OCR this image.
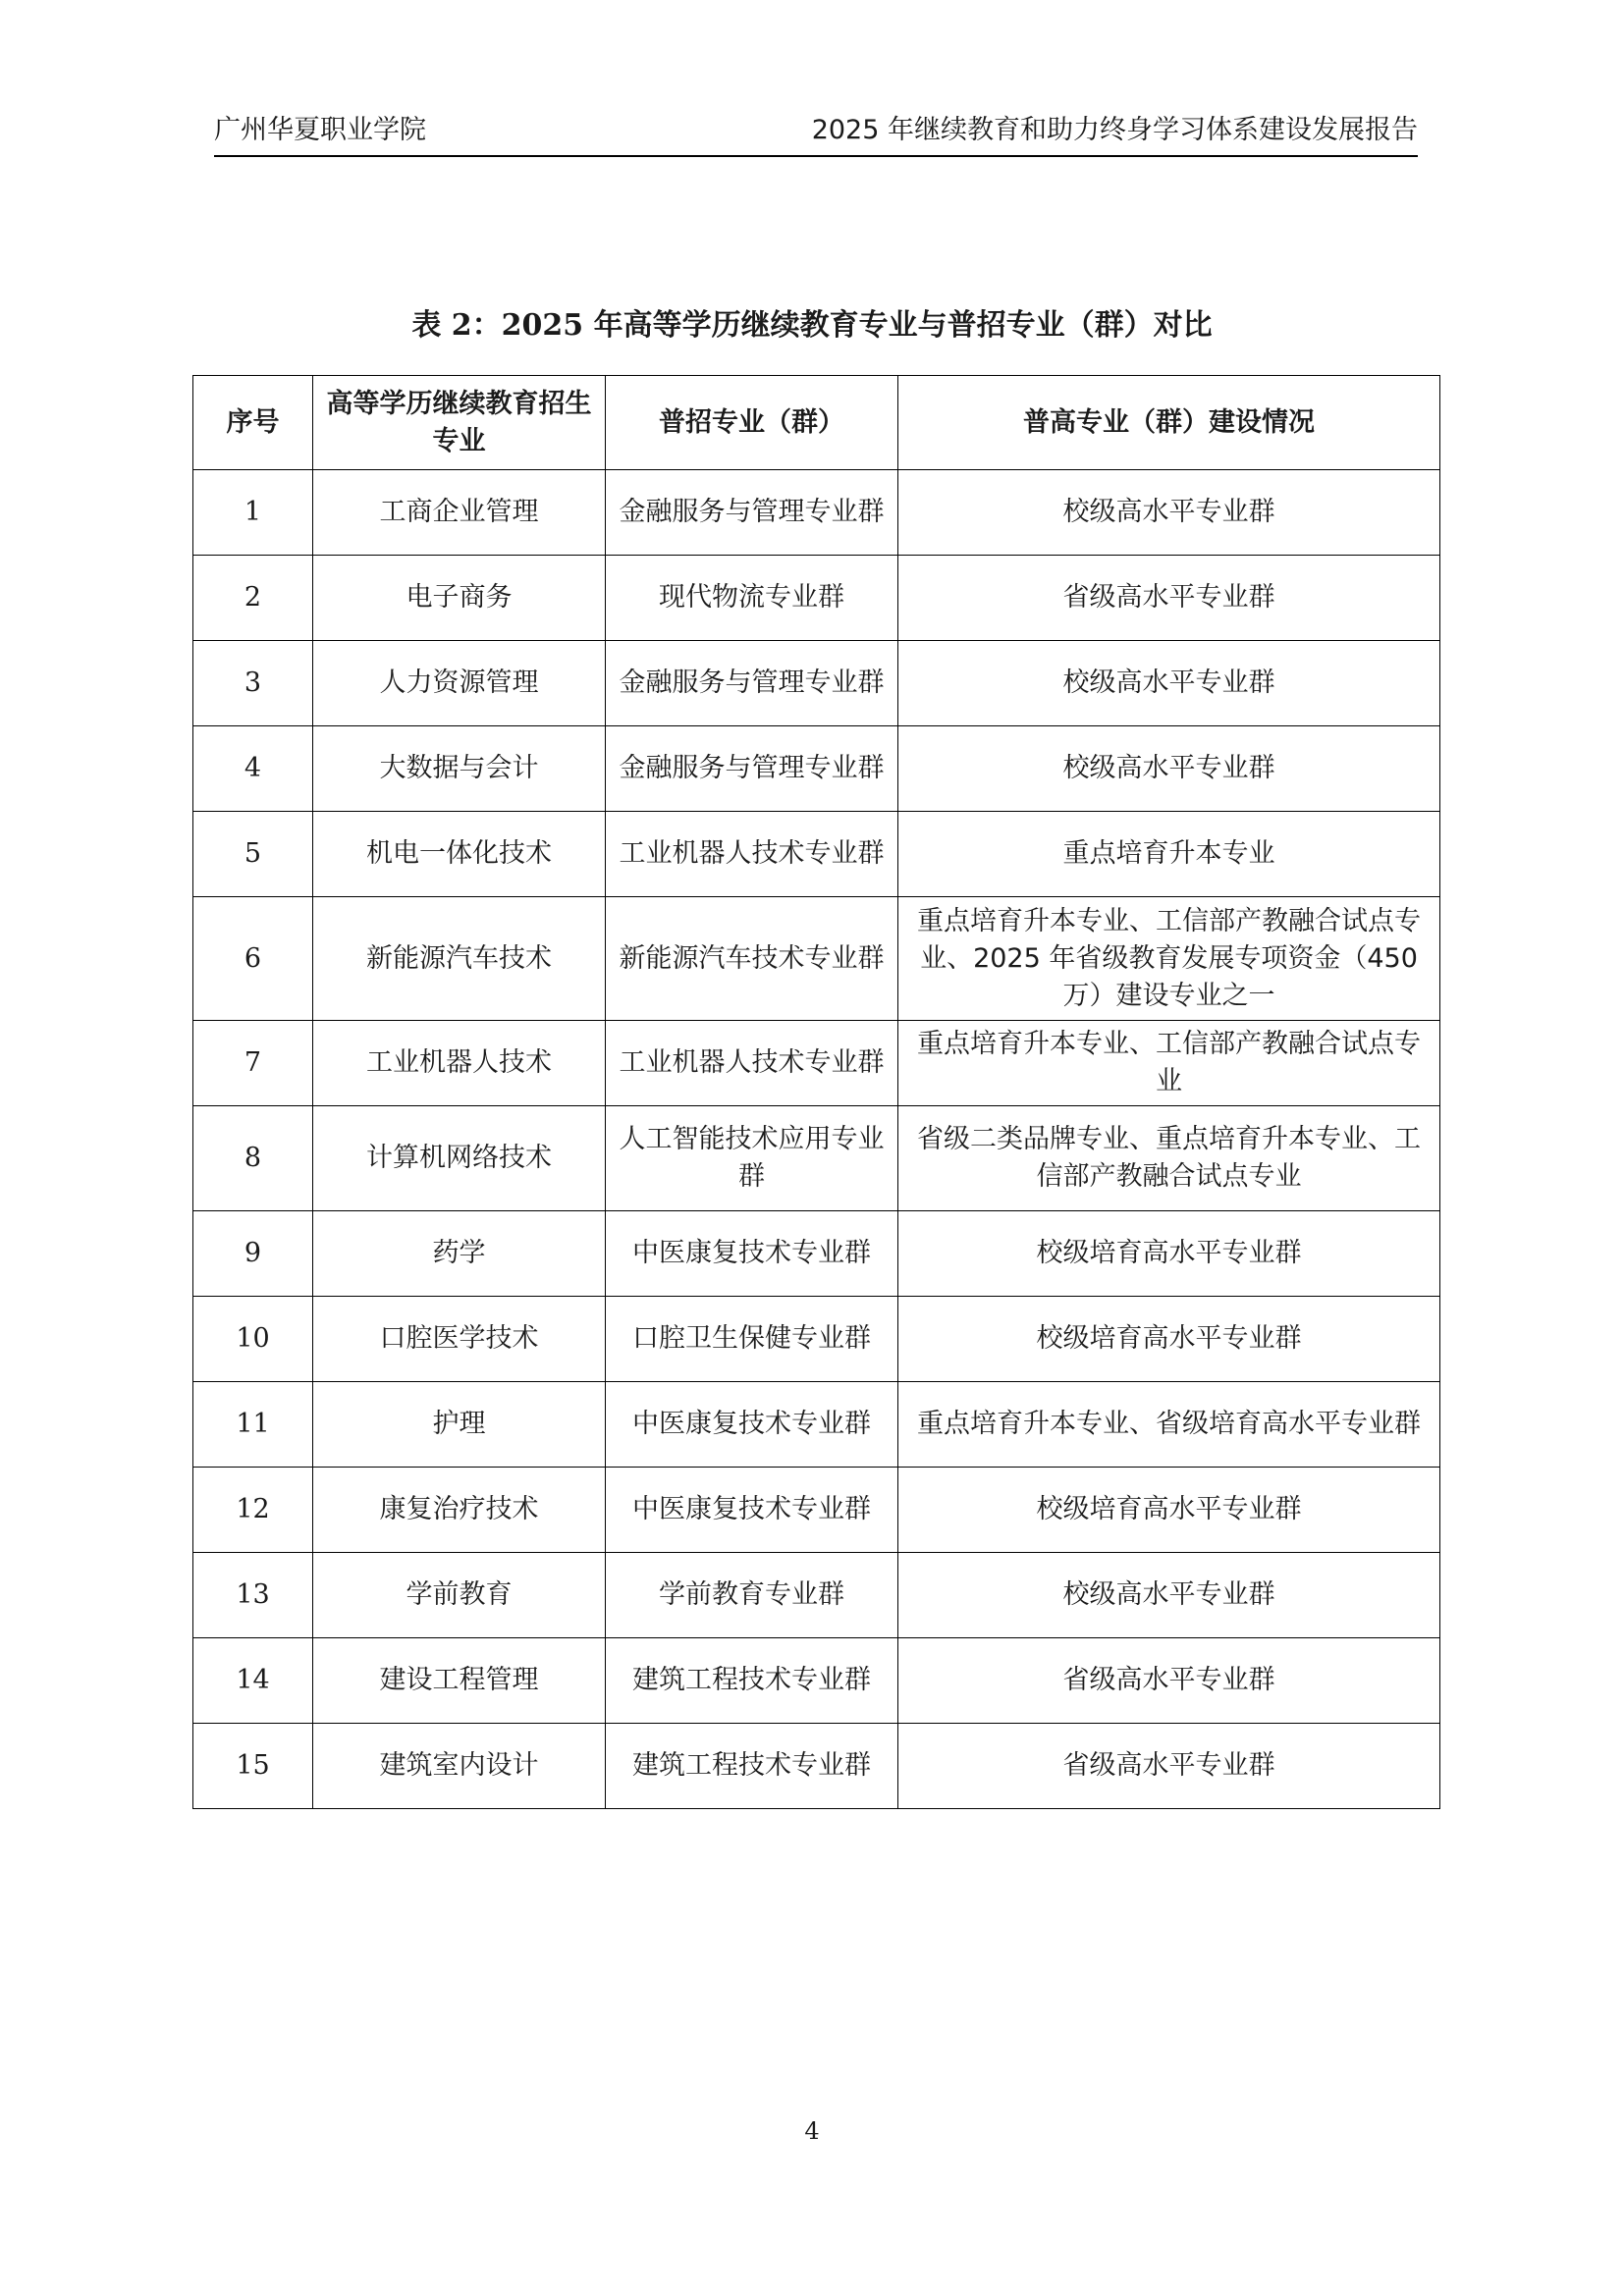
广州华夏职业学院	2025 年继续教育和助力终身学习体系建设发展报告
表 2：2025 年高等学历继续教育专业与普招专业（群）对比
序号	高等学历继续教育招生专业	普招专业（群）	普高专业（群）建设情况
1	工商企业管理	金融服务与管理专业群	校级高水平专业群
2	电子商务	现代物流专业群	省级高水平专业群
3	人力资源管理	金融服务与管理专业群	校级高水平专业群
4	大数据与会计	金融服务与管理专业群	校级高水平专业群
5	机电一体化技术	工业机器人技术专业群	重点培育升本专业
6	新能源汽车技术	新能源汽车技术专业群	重点培育升本专业、工信部产教融合试点专业、2025 年省级教育发展专项资金（450 万）建设专业之一
7	工业机器人技术	工业机器人技术专业群	重点培育升本专业、工信部产教融合试点专业
8	计算机网络技术	人工智能技术应用专业群	省级二类品牌专业、重点培育升本专业、工信部产教融合试点专业
9	药学	中医康复技术专业群	校级培育高水平专业群
10	口腔医学技术	口腔卫生保健专业群	校级培育高水平专业群
11	护理	中医康复技术专业群	重点培育升本专业、省级培育高水平专业群
12	康复治疗技术	中医康复技术专业群	校级培育高水平专业群
13	学前教育	学前教育专业群	校级高水平专业群
14	建设工程管理	建筑工程技术专业群	省级高水平专业群
15	建筑室内设计	建筑工程技术专业群	省级高水平专业群
4
